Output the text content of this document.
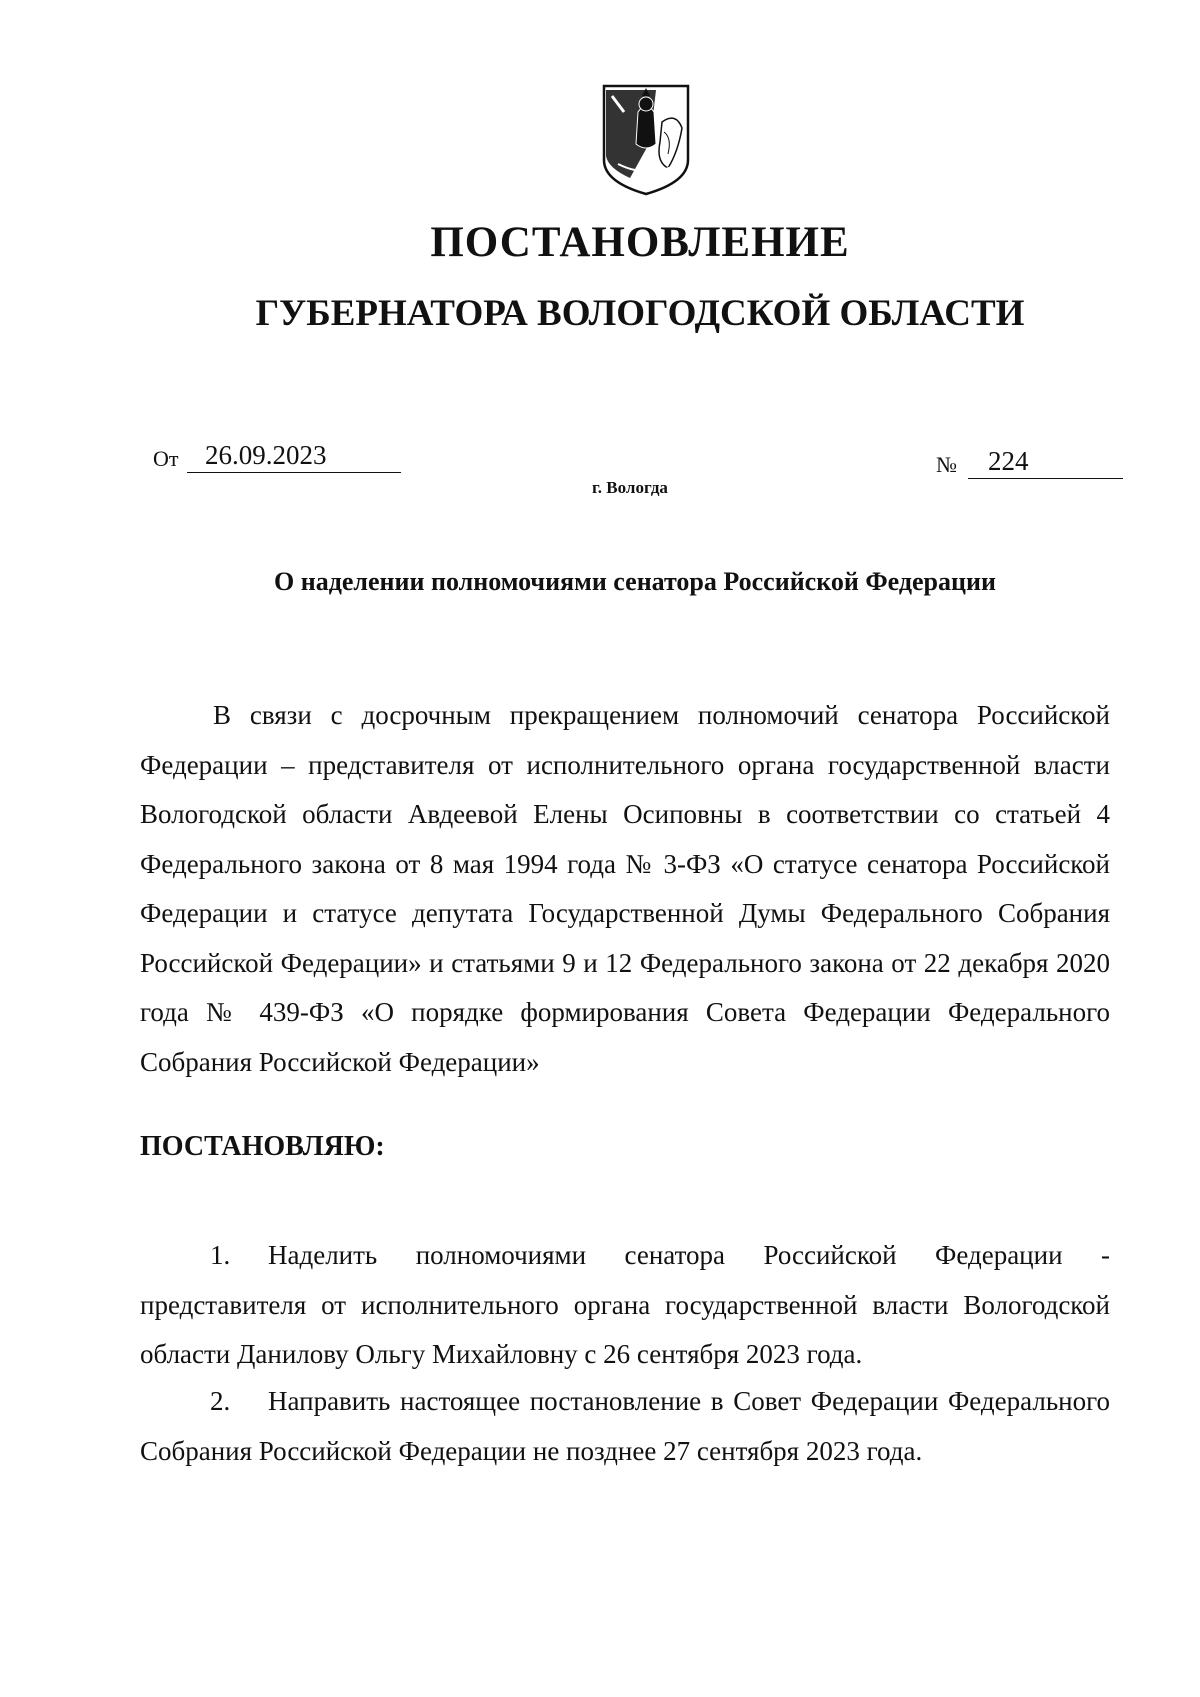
ПОСТАНОВЛЕНИЕ
ГУБЕРНАТОРА ВОЛОГОДСКОЙ ОБЛАСТИ
От 26.09.2023	№	224
г. Вологда
О наделении полномочиями сенатора Российской Федерации
В связи с досрочным прекращением полномочий сенатора Российской Федерации – представителя от исполнительного органа государственной власти Вологодской области Авдеевой Елены Осиповны в соответствии со статьей 4 Федерального закона от 8 мая 1994 года № 3-ФЗ «О статусе сенатора Российской Федерации и статусе депутата Государственной Думы Федерального Собрания Российской Федерации» и статьями 9 и 12 Федерального закона от 22 декабря 2020 года № 439-ФЗ «О порядке формирования Совета Федерации Федерального Собрания Российской Федерации»
ПОСТАНОВЛЯЮ:
1. Наделить полномочиями сенатора Российской Федерации - представителя от исполнительного органа государственной власти Вологодской области Данилову Ольгу Михайловну с 26 сентября 2023 года.
2. Направить настоящее постановление в Совет Федерации Федерального Собрания Российской Федерации не позднее 27 сентября 2023 года.
